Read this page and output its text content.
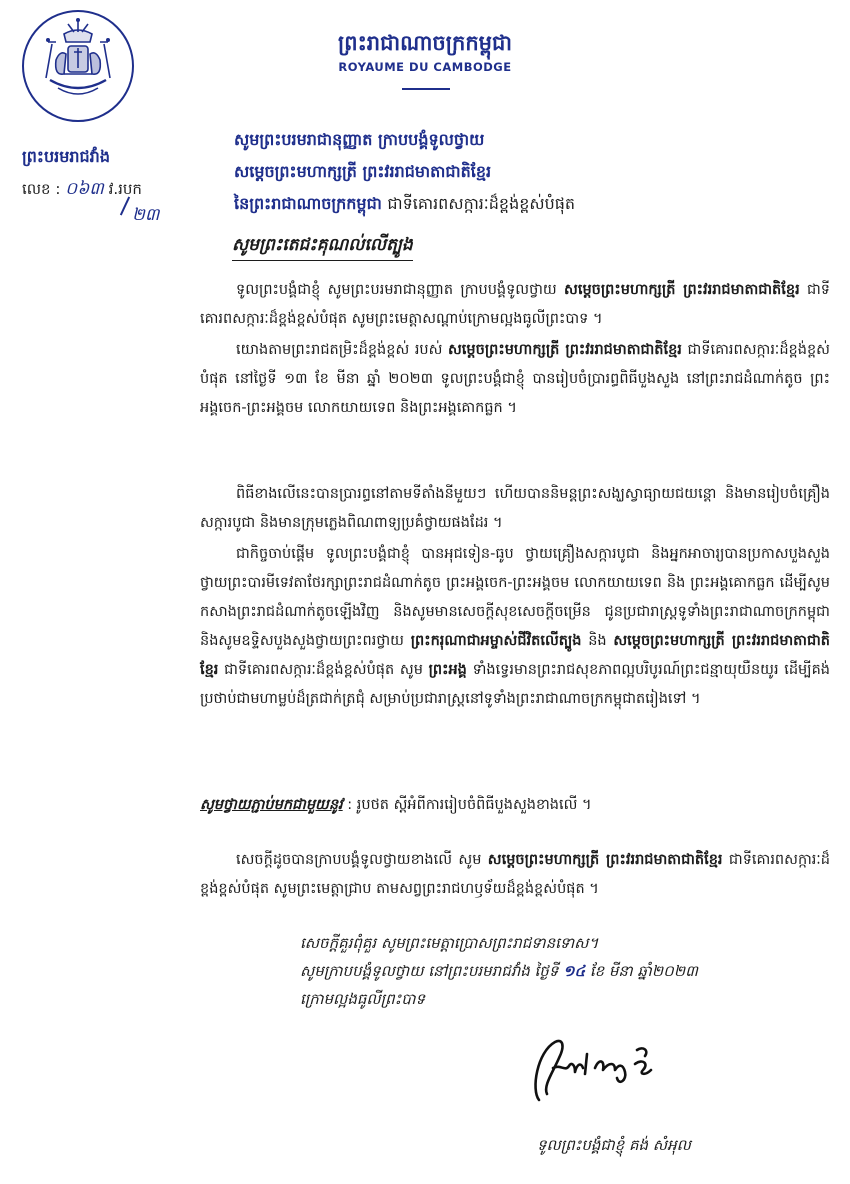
ព្រះបរមរាជវាំង
លេខ : ០៦៣ វ.របក
២៣
ព្រះរាជាណាចក្រកម្ពុជា
ROYAUME DU CAMBODGE
សូមព្រះបរមរាជានុញ្ញាត ក្រាបបង្គំទូលថ្វាយ
សម្តេចព្រះមហាក្សត្រី ព្រះវររាជមាតាជាតិខ្មែរ
នៃព្រះរាជាណាចក្រកម្ពុជា ជាទីគោរពសក្ការៈដ៏ខ្ពង់ខ្ពស់បំផុត
សូមព្រះតេជះគុណ​ល់លើត្បូង
ទូលព្រះបង្គំជាខ្ញុំ សូមព្រះបរមរាជានុញ្ញាត ក្រាបបង្គំទូលថ្វាយ សម្តេចព្រះមហាក្សត្រី ព្រះវររាជមាតាជាតិខ្មែរ ជាទីគោរពសក្ការៈដ៏ខ្ពង់ខ្ពស់បំផុត សូមព្រះមេត្តាសណ្តាប់ក្រោមល្អងធូលីព្រះបាទ ។
យោងតាមព្រះរាជតម្រិះដ៏ខ្ពង់ខ្ពស់ របស់ សម្តេចព្រះមហាក្សត្រី ព្រះវររាជមាតាជាតិខ្មែរ ជាទីគោរពសក្ការៈដ៏ខ្ពង់ខ្ពស់បំផុត នៅថ្ងៃទី ១៣ ខែ មីនា ឆ្នាំ ២០២៣ ទូលព្រះបង្គំជាខ្ញុំ បានរៀបចំប្រារព្ធពិធីបួងសួង នៅព្រះរាជដំណាក់តូច ព្រះអង្គចេក-ព្រះអង្គចម លោកយាយទេព និងព្រះអង្គគោកធ្លក ។
ពិធីខាងលើនេះបានប្រារព្ធនៅតាមទីតាំងនីមួយៗ ហើយបាននិមន្តព្រះសង្ឃស្វាធ្យាយជយន្តោ និងមានរៀបចំគ្រឿងសក្ការបូជា និងមានក្រុមភ្លេងពិណពាទ្យប្រគំថ្វាយផងដែរ ។
ជាកិច្ចចាប់ផ្តើម ទូលព្រះបង្គំជាខ្ញុំ បានអុជទៀន-ធូប ថ្វាយគ្រឿងសក្ការបូជា និងអ្នកអាចារ្យបានប្រកាសបួងសួង ថ្វាយព្រះបារមីទេវតាថែរក្សាព្រះរាជដំណាក់តូច ព្រះអង្គចេក-ព្រះអង្គចម លោកយាយទេព និង ព្រះអង្គគោកធ្លក ដើម្បីសូមកសាងព្រះរាជដំណាក់តូចឡើងវិញ និងសូមមានសេចក្តីសុខសេចក្តីចម្រើន ជូនប្រជារាស្ត្រទូទាំងព្រះរាជាណាចក្រកម្ពុជា និងសូមឧទ្ទិសបួងសួងថ្វាយព្រះពរថ្វាយ ព្រះករុណាជាអម្ចាស់ជីវិតលើត្បូង និង សម្តេចព្រះមហាក្សត្រី ព្រះវររាជមាតាជាតិខ្មែរ ជាទីគោរពសក្ការៈដ៏ខ្ពង់ខ្ពស់បំផុត សូម ព្រះអង្គ ទាំងទ្វេរមានព្រះរាជសុខភាពល្អបរិបូរណ៍ព្រះជន្មាយុយឺនយូរ ដើម្បីគង់ប្រថាប់ជាមហាម្លប់ដ៏ត្រជាក់ត្រជុំ សម្រាប់ប្រជារាស្ត្រនៅទូទាំងព្រះរាជាណាចក្រកម្ពុជាតរៀងទៅ ។
សូមថ្វាយភ្ជាប់មកជាមួយនូវ : រូបថត ស្តីអំពីការរៀបចំពិធីបួងសួងខាងលើ ។
សេចក្តីដូចបានក្រាបបង្គំទូលថ្វាយខាងលើ សូម សម្តេចព្រះមហាក្សត្រី ព្រះវររាជមាតាជាតិខ្មែរ ជាទីគោរពសក្ការៈដ៏ខ្ពង់ខ្ពស់បំផុត សូមព្រះមេត្តាជ្រាប តាមសព្វព្រះរាជហឫទ័យដ៏ខ្ពង់ខ្ពស់បំផុត ។
សេចក្តីគួរពុំគួរ សូមព្រះមេត្តាប្រោសព្រះរាជទានទោស។
សូមក្រាបបង្គំទូលថ្វាយ នៅព្រះបរមរាជវាំង ថ្ងៃទី ១៤ ខែ មីនា ឆ្នាំ២០២៣
ក្រោមល្អងធូលីព្រះបាទ
ទូលព្រះបង្គំជាខ្ញុំ គង់ សំអុល
